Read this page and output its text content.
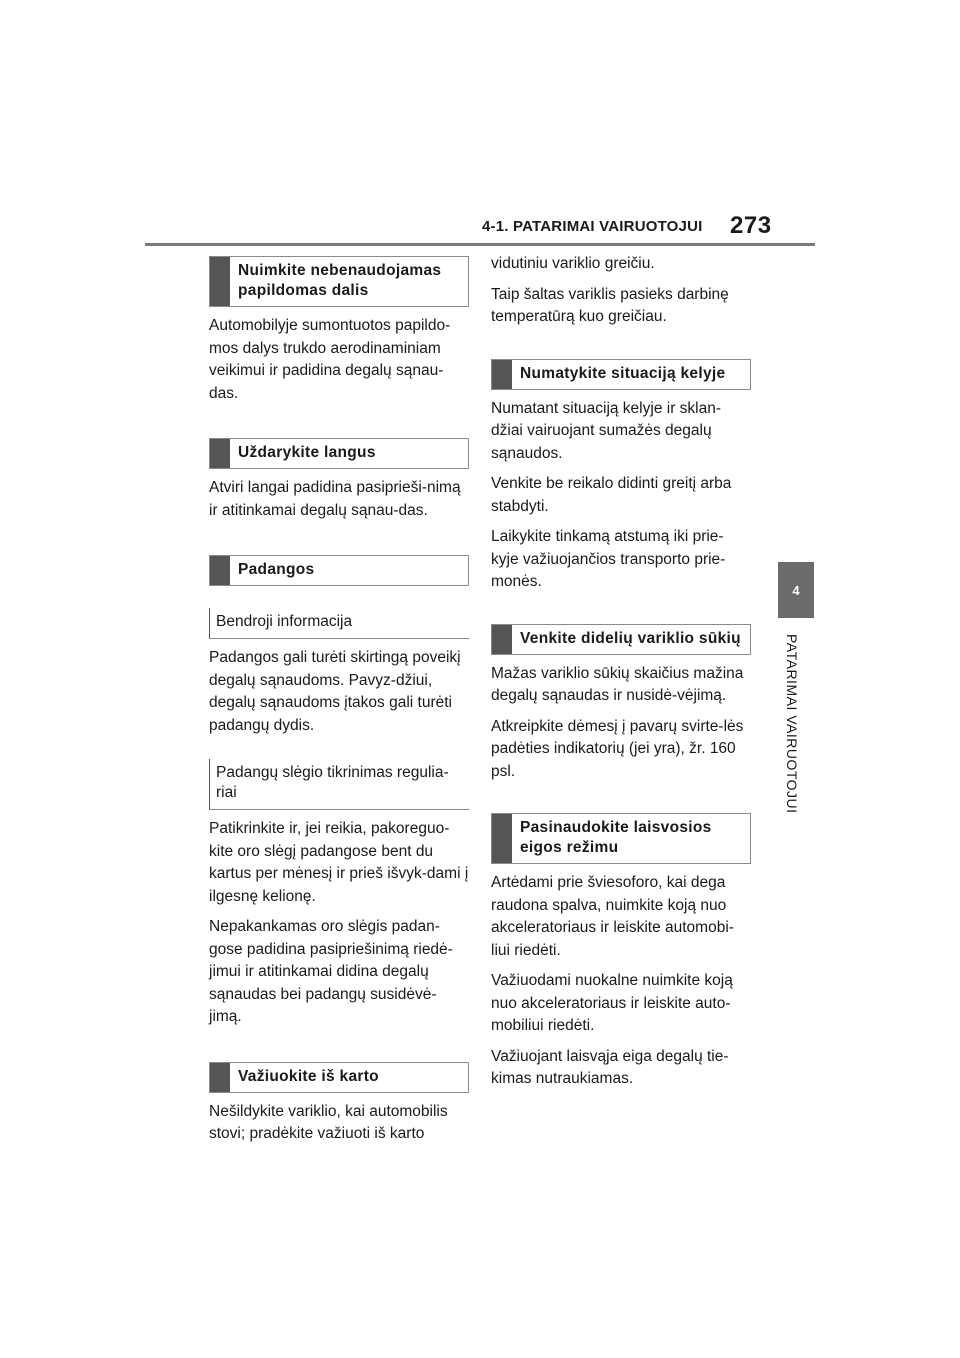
4-1. PATARIMAI VAIRUOTOJUI 273
4
PATARIMAI VAIRUOTOJUI
Nuimkite nebenaudojamas papildomas dalis

Automobilyje sumontuotos papildo-mos dalys trukdo aerodinaminiam veikimui ir padidina degalų sąnau-das.

Uždarykite langus

Atviri langai padidina pasiprieši-nimą ir atitinkamai degalų sąnau-das.

Padangos
Bendroji informacija

Padangos gali turėti skirtingą poveikį degalų sąnaudoms. Pavyz-džiui, degalų sąnaudoms įtakos gali turėti padangų dydis.

Padangų slėgio tikrinimas regulia-riai

Patikrinkite ir, jei reikia, pakoreguo-kite oro slėgį padangose bent du kartus per mėnesį ir prieš išvyk-dami į ilgesnę kelionę.

Nepakankamas oro slėgis padan-gose padidina pasipriešinimą riedė-jimui ir atitinkamai didina degalų sąnaudas bei padangų susidėvė-jimą.

Važiuokite iš karto

Nešildykite variklio, kai automobilis stovi; pradėkite važiuoti iš karto

vidutiniu variklio greičiu.

Taip šaltas variklis pasieks darbinę temperatūrą kuo greičiau.

Numatykite situaciją kelyje

Numatant situaciją kelyje ir sklan-džiai vairuojant sumažės degalų sąnaudos.

Venkite be reikalo didinti greitį arba stabdyti.

Laikykite tinkamą atstumą iki prie-kyje važiuojančios transporto prie-monės.

Venkite didelių variklio sūkių

Mažas variklio sūkių skaičius mažina degalų sąnaudas ir nusidė-vėjimą.

Atkreipkite dėmesį į pavarų svirte-lės padėties indikatorių (jei yra), žr. 160 psl.

Pasinaudokite laisvosios eigos režimu

Artėdami prie šviesoforo, kai dega raudona spalva, nuimkite koją nuo akceleratoriaus ir leiskite automobi-liui riedėti.

Važiuodami nuokalne nuimkite koją nuo akceleratoriaus ir leiskite auto-mobiliui riedėti.

Važiuojant laisvąja eiga degalų tie-kimas nutraukiamas.
